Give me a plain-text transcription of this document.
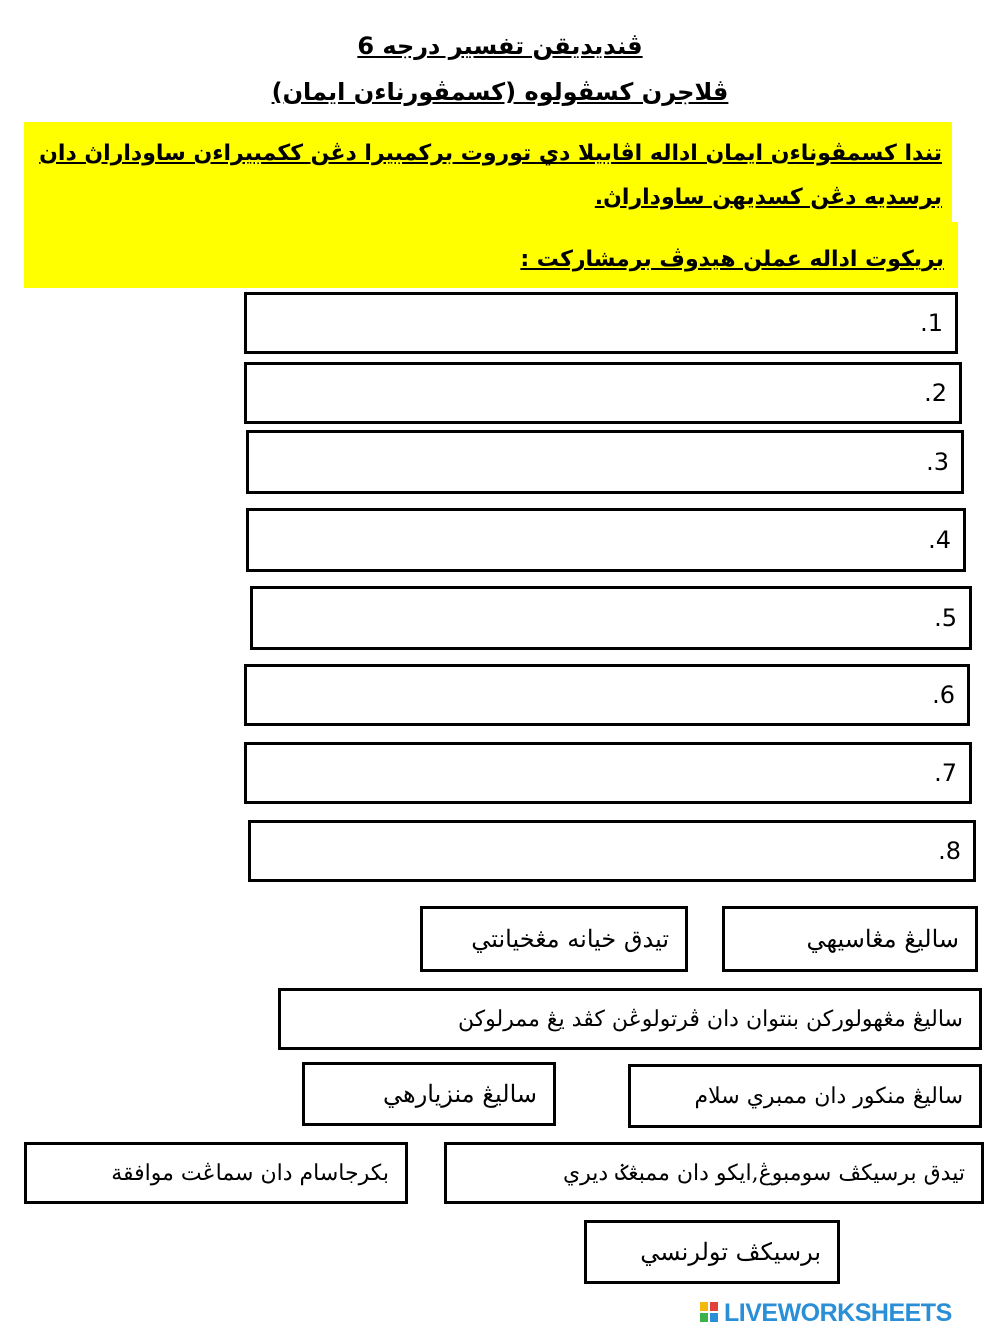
ڤنديديقن تفسير درجه 6
ڤلاجرن كسڤولوه (كسمڤورناءن ايمان)
تندا كسمڤوناءن ايمان اداله اڤابيلا دي توروت بركمبيرا دڠن ككمبيراءن ساوداراڽ دان برسديه دڠن كسديهن ساوداراڽ.
بريكوت اداله عملن هيدوڤ برمشاركت :
.1
.2
.3
.4
.5
.6
.7
.8
ساليڠ مڠاسيهي
تيدق خيانه مڠخيانتي
ساليڠ مڠهولورکن بنتوان دان ڤرتولوڠن کڤد يڠ ممرلوکن
ساليڠ منکور دان ممبري سلام
ساليڠ منزيارهي
تيدق برسيکڤ سومبوڠ,ايکو دان ممبڠݢ ديري
بکرجاسام دان سماڠت موافقة
برسيکڤ تولرنسي
LIVEWORKSHEETS
